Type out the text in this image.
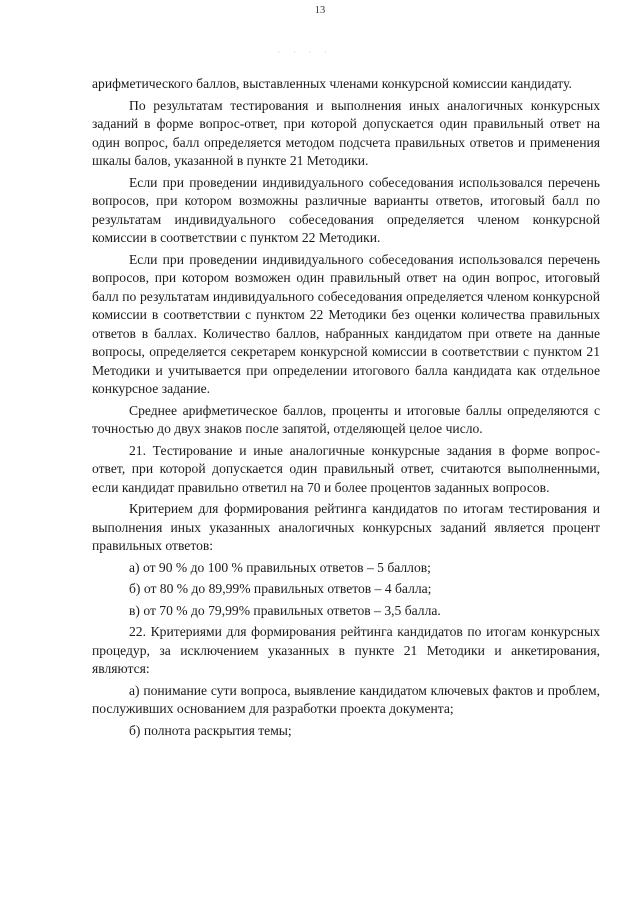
13
· · · ·

арифметического баллов, выставленных членами конкурсной комиссии кандидату.

По результатам тестирования и выполнения иных аналогичных конкурсных заданий в форме вопрос-ответ, при которой допускается один правильный ответ на один вопрос, балл определяется методом подсчета правильных ответов и применения шкалы балов, указанной в пункте 21 Методики.

Если при проведении индивидуального собеседования использовался перечень вопросов, при котором возможны различные варианты ответов, итоговый балл по результатам индивидуального собеседования определяется членом конкурсной комиссии в соответствии с пунктом 22 Методики.

Если при проведении индивидуального собеседования использовался перечень вопросов, при котором возможен один правильный ответ на один вопрос, итоговый балл по результатам индивидуального собеседования определяется членом конкурсной комиссии в соответствии с пунктом 22 Методики без оценки количества правильных ответов в баллах. Количество баллов, набранных кандидатом при ответе на данные вопросы, определяется секретарем конкурсной комиссии в соответствии с пунктом 21 Методики и учитывается при определении итогового балла кандидата как отдельное конкурсное задание.

Среднее арифметическое баллов, проценты и итоговые баллы определяются с точностью до двух знаков после запятой, отделяющей целое число.

21. Тестирование и иные аналогичные конкурсные задания в форме вопрос-ответ, при которой допускается один правильный ответ, считаются выполненными, если кандидат правильно ответил на 70 и более процентов заданных вопросов.

Критерием для формирования рейтинга кандидатов по итогам тестирования и выполнения иных указанных аналогичных конкурсных заданий является процент правильных ответов:

а) от 90 % до 100 % правильных ответов – 5 баллов;

б) от 80 % до 89,99% правильных ответов – 4 балла;

в) от 70 % до 79,99% правильных ответов – 3,5 балла.

22. Критериями для формирования рейтинга кандидатов по итогам конкурсных процедур, за исключением указанных в пункте 21 Методики и анкетирования, являются:

а) понимание сути вопроса, выявление кандидатом ключевых фактов и проблем, послуживших основанием для разработки проекта документа;

б) полнота раскрытия темы;
